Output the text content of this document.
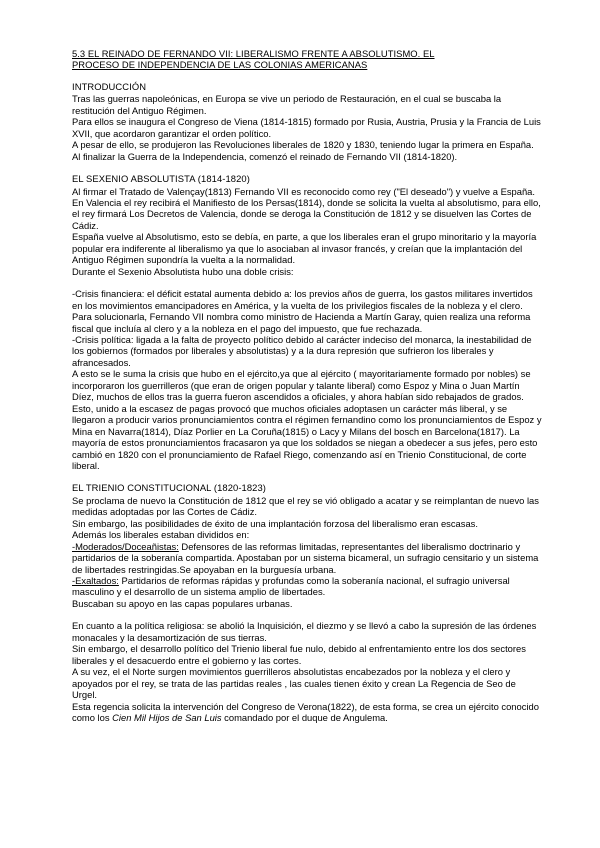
5.3 EL REINADO DE FERNANDO VII: LIBERALISMO FRENTE A ABSOLUTISMO. EL
PROCESO DE INDEPENDENCIA DE LAS COLONIAS AMERICANAS
INTRODUCCIÓN

Tras las guerras napoleónicas, en Europa se vive un periodo de Restauración, en el cual se buscaba la restitución del Antiguo Régimen.

Para ellos se inaugura el Congreso de Viena (1814-1815) formado por Rusia, Austria, Prusia y la Francia de Luis XVII, que acordaron garantizar el orden político.

A pesar de ello, se produjeron las Revoluciones liberales de 1820 y 1830, teniendo lugar la primera en España.

Al finalizar la Guerra de la Independencia, comenzó el reinado de Fernando VII (1814-1820).

EL SEXENIO ABSOLUTISTA (1814-1820)

Al firmar el Tratado de Valençay(1813) Fernando VII es reconocido como rey ("El deseado") y vuelve a España.

En Valencia el rey recibirá el Manifiesto de los Persas(1814), donde se solicita la vuelta al absolutismo, para ello, el rey firmará Los Decretos de Valencia, donde se deroga la Constitución de 1812 y se disuelven las Cortes de Cádiz.

España vuelve al Absolutismo, esto se debía, en parte, a que los liberales eran el grupo minoritario y la mayoría popular era indiferente al liberalismo ya que lo asociaban al invasor francés, y creían que la implantación del Antiguo Régimen supondría la vuelta a la normalidad.

Durante el Sexenio Absolutista hubo una doble crisis:

-Crisis financiera: el déficit estatal aumenta debido a: los previos años de guerra, los gastos militares invertidos en los movimientos emancipadores en América, y la vuelta de los privilegios fiscales de la nobleza y el clero. Para solucionarla, Fernando VII nombra como ministro de Hacienda a Martín Garay, quien realiza una reforma fiscal que incluía al clero y a la nobleza en el pago del impuesto, que fue rechazada.

-Crisis política: ligada a la falta de proyecto político debido al carácter indeciso del monarca, la inestabilidad de los gobiernos (formados por liberales y absolutistas) y a la dura represión que sufrieron los liberales y afrancesados.

A esto se le suma la crisis que hubo en el ejército,ya que al ejército ( mayoritariamente formado por nobles) se incorporaron los guerrilleros (que eran de origen popular y talante liberal) como Espoz y Mina o Juan Martín Díez, muchos de ellos tras la guerra fueron ascendidos a oficiales, y ahora habían sido rebajados de grados.

Esto, unido a la escasez de pagas provocó que muchos oficiales adoptasen un carácter más liberal, y se llegaron a producir varios pronunciamientos contra el régimen fernandino como los pronunciamientos de Espoz y Mina en Navarra(1814), Díaz Porlier en La Coruña(1815) o Lacy y Milans del bosch en Barcelona(1817). La mayoría de estos pronunciamientos fracasaron ya que los soldados se niegan a obedecer a sus jefes, pero esto cambió en 1820 con el pronunciamiento de Rafael Riego, comenzando así en Trienio Constitucional, de corte liberal.

EL TRIENIO CONSTITUCIONAL (1820-1823)

Se proclama de nuevo la Constitución de 1812 que el rey se vió obligado a acatar y se reimplantan de nuevo las medidas adoptadas por las Cortes de Cádiz.

Sin embargo, las posibilidades de éxito de una implantación forzosa del liberalismo eran escasas.

Además los liberales estaban divididos en:

-Moderados/Doceañistas: Defensores de las reformas limitadas, representantes del liberalismo doctrinario y partidarios de la soberanía compartida. Apostaban por un sistema bicameral, un sufragio censitario y un sistema de libertades restringidas.Se apoyaban en la burguesía urbana.

-Exaltados: Partidarios de reformas rápidas y profundas como la soberanía nacional, el sufragio universal masculino y el desarrollo de un sistema amplio de libertades.

Buscaban su apoyo en las capas populares urbanas.

En cuanto a la política religiosa: se abolió la Inquisición, el diezmo y se llevó a cabo la supresión de las órdenes monacales y la desamortización de sus tierras.

Sin embargo, el desarrollo político del Trienio liberal fue nulo, debido al enfrentamiento entre los dos sectores liberales y el desacuerdo entre el gobierno y las cortes.

A su vez, el el Norte surgen movimientos guerrilleros absolutistas encabezados por la nobleza y el clero y apoyados por el rey, se trata de las partidas reales , las cuales tienen éxito y crean La Regencia de Seo de Urgel.

Esta regencia solicita la intervención del Congreso de Verona(1822), de esta forma, se crea un ejército conocido como los Cien Mil Hijos de San Luis comandado por el duque de Angulema.
